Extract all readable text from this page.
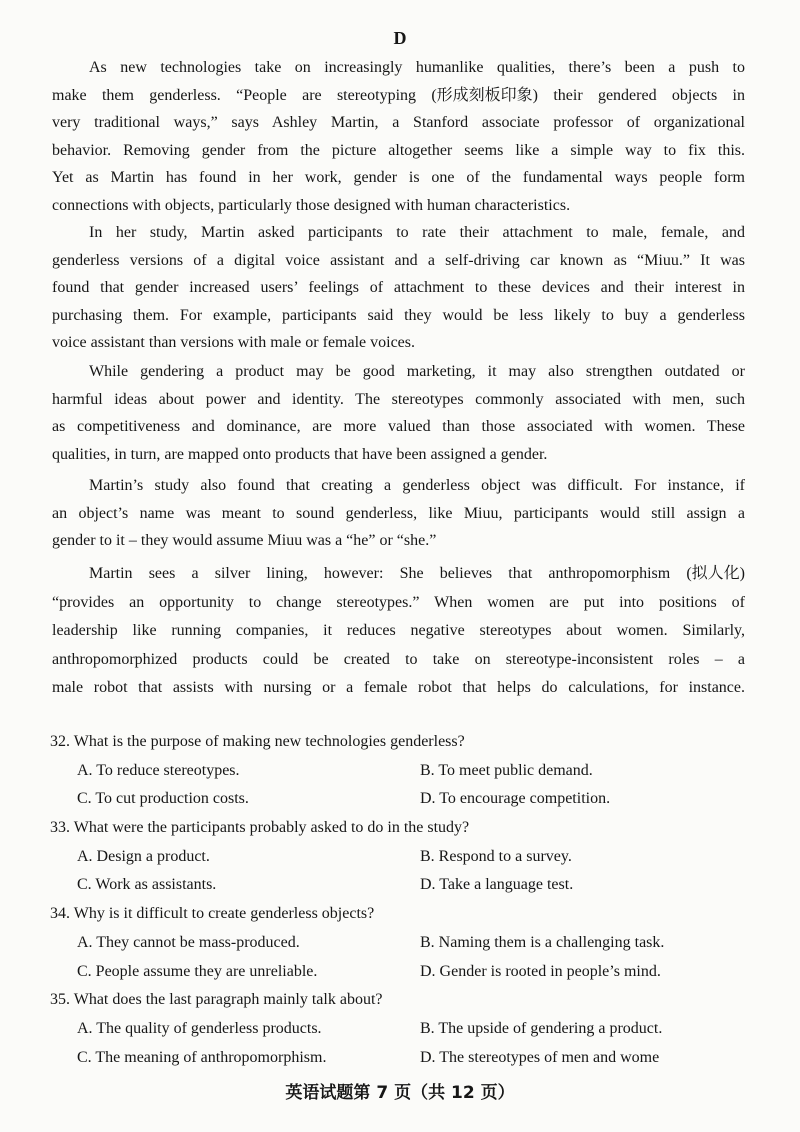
D
As new technologies take on increasingly humanlike qualities, there’s been a push to
make them genderless. “People are stereotyping (形成刻板印象) their gendered objects in
very traditional ways,” says Ashley Martin, a Stanford associate professor of organizational
behavior. Removing gender from the picture altogether seems like a simple way to fix this.
Yet as Martin has found in her work, gender is one of the fundamental ways people form
connections with objects, particularly those designed with human characteristics.
In her study, Martin asked participants to rate their attachment to male, female, and
genderless versions of a digital voice assistant and a self-driving car known as “Miuu.” It was
found that gender increased users’ feelings of attachment to these devices and their interest in
purchasing them. For example, participants said they would be less likely to buy a genderless
voice assistant than versions with male or female voices.
While gendering a product may be good marketing, it may also strengthen outdated or
harmful ideas about power and identity. The stereotypes commonly associated with men, such
as competitiveness and dominance, are more valued than those associated with women. These
qualities, in turn, are mapped onto products that have been assigned a gender.
Martin’s study also found that creating a genderless object was difficult. For instance, if
an object’s name was meant to sound genderless, like Miuu, participants would still assign a
gender to it – they would assume Miuu was a “he” or “she.”
Martin sees a silver lining, however: She believes that anthropomorphism (拟人化)
“provides an opportunity to change stereotypes.” When women are put into positions of
leadership like running companies, it reduces negative stereotypes about women. Similarly,
anthropomorphized products could be created to take on stereotype-inconsistent roles – a
male robot that assists with nursing or a female robot that helps do calculations, for instance.
32. What is the purpose of making new technologies genderless?
A. To reduce stereotypes.	B. To meet public demand.
C. To cut production costs.	D. To encourage competition.
33. What were the participants probably asked to do in the study?
A. Design a product.	B. Respond to a survey.
C. Work as assistants.	D. Take a language test.
34. Why is it difficult to create genderless objects?
A. They cannot be mass-produced.	B. Naming them is a challenging task.
C. People assume they are unreliable.	D. Gender is rooted in people’s mind.
35. What does the last paragraph mainly talk about?
A. The quality of genderless products.	B. The upside of gendering a product.
C. The meaning of anthropomorphism.	D. The stereotypes of men and wome
英语试题第 7 页（共 12 页）
